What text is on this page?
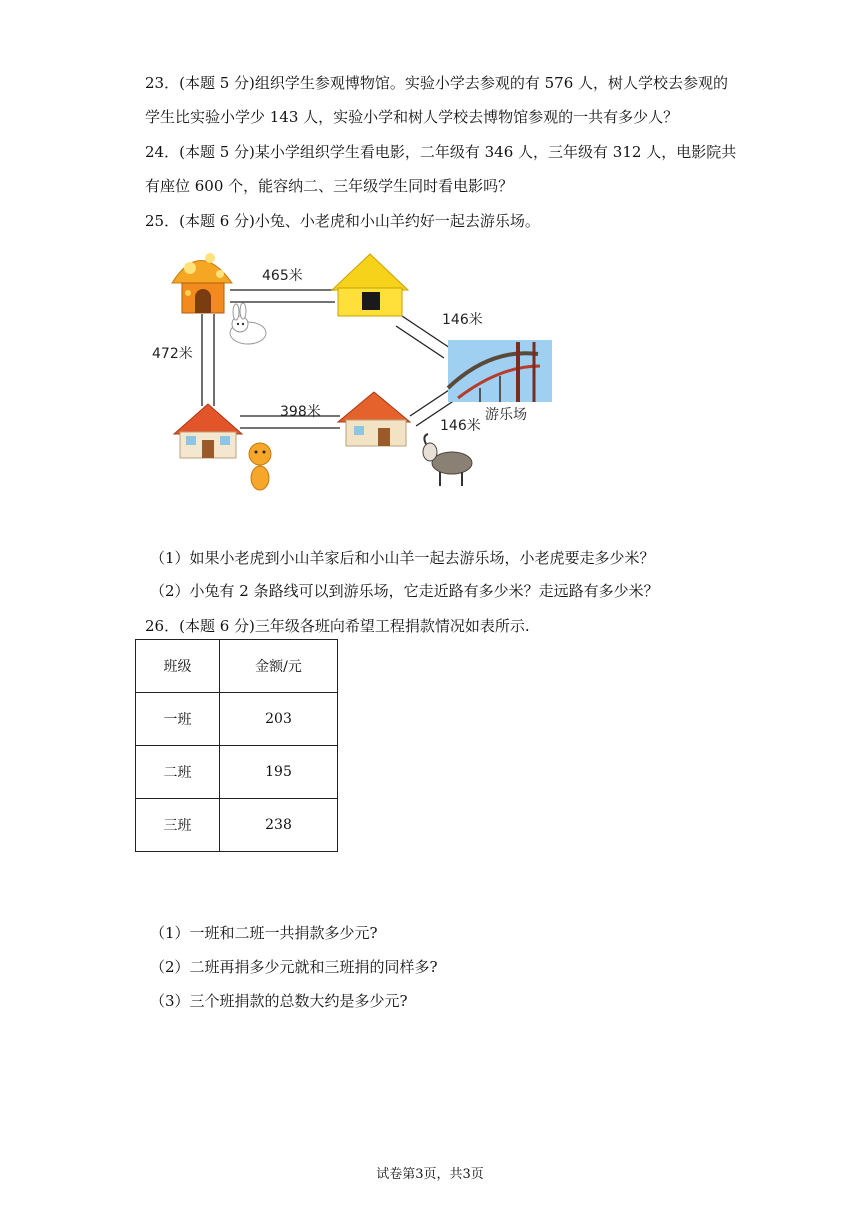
23．(本题 5 分)组织学生参观博物馆。实验小学去参观的有 576 人，树人学校去参观的
学生比实验小学少 143 人，实验小学和树人学校去博物馆参观的一共有多少人？
24．(本题 5 分)某小学组织学生看电影，二年级有 346 人，三年级有 312 人，电影院共
有座位 600 个，能容纳二、三年级学生同时看电影吗？
25．(本题 6 分)小兔、小老虎和小山羊约好一起去游乐场。
游乐场
465米
146米
472米
398米
146米
（1）如果小老虎到小山羊家后和小山羊一起去游乐场，小老虎要走多少米？
（2）小兔有 2 条路线可以到游乐场，它走近路有多少米？走远路有多少米？
26．(本题 6 分)三年级各班向希望工程捐款情况如表所示.
班级	金额/元
一班	203
二班	195
三班	238
（1）一班和二班一共捐款多少元?
（2）二班再捐多少元就和三班捐的同样多?
（3）三个班捐款的总数大约是多少元?
试卷第3页，共3页
